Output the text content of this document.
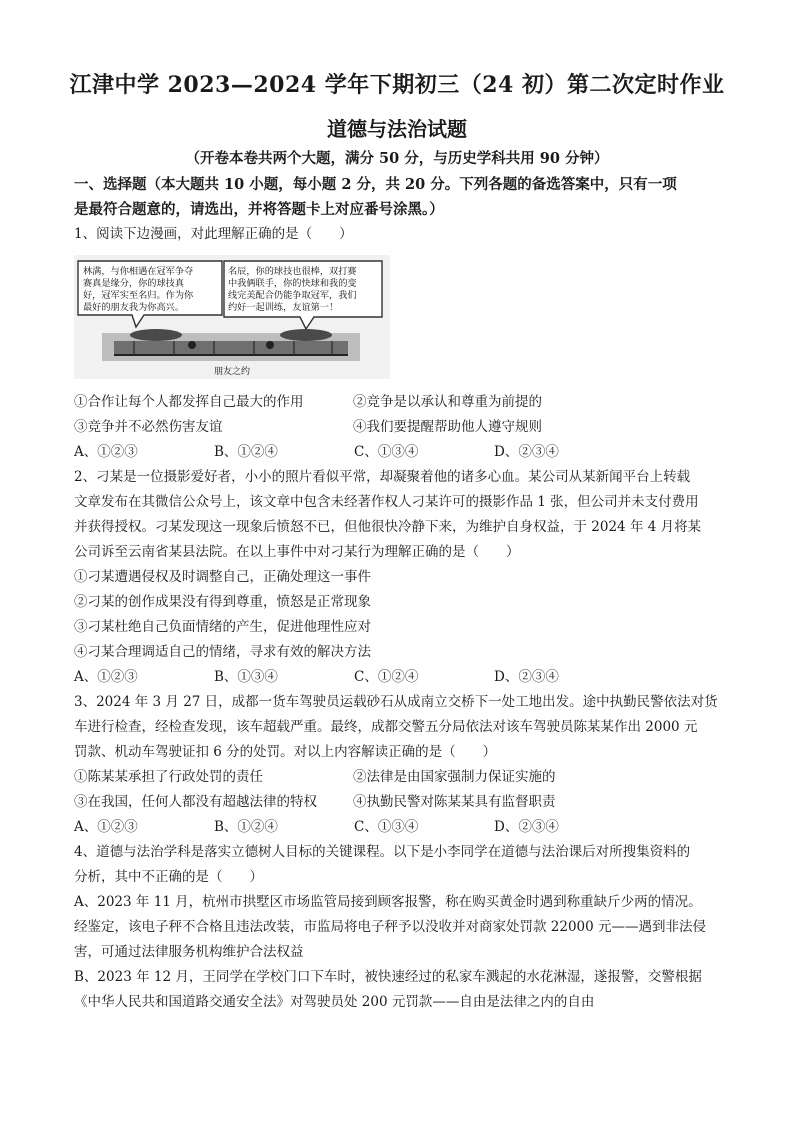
江津中学 2023—2024 学年下期初三（24 初）第二次定时作业
道德与法治试题
（开卷本卷共两个大题，满分 50 分，与历史学科共用 90 分钟）
一、选择题（本大题共 10 小题，每小题 2 分，共 20 分。下列各题的备选答案中，只有一项
是最符合题意的，请选出，并将答题卡上对应番号涂黑。）
1、阅读下边漫画，对此理解正确的是（　　）
林满，与你相遇在冠军争夺
赛真是缘分，你的球技真
好，冠军实至名归。作为你
最好的朋友我为你高兴。
名辰，你的球技也很棒，双打赛
中我俩联手，你的快球和我的变
线完美配合仍能争取冠军，我们
约好一起训练，友谊第一！
朋友之约
①合作让每个人都发挥自己最大的作用	②竞争是以承认和尊重为前提的
③竞争并不必然伤害友谊	④我们要提醒帮助他人遵守规则
A、①②③	B、①②④	C、①③④	D、②③④
2、刁某是一位摄影爱好者，小小的照片看似平常，却凝聚着他的诸多心血。某公司从某新闻平台上转载
文章发布在其微信公众号上，该文章中包含未经著作权人刁某许可的摄影作品 1 张，但公司并未支付费用
并获得授权。刁某发现这一现象后愤怒不已，但他很快冷静下来，为维护自身权益，于 2024 年 4 月将某
公司诉至云南省某县法院。在以上事件中对刁某行为理解正确的是（　　）
①刁某遭遇侵权及时调整自己，正确处理这一事件
②刁某的创作成果没有得到尊重，愤怒是正常现象
③刁某杜绝自己负面情绪的产生，促进他理性应对
④刁某合理调适自己的情绪，寻求有效的解决方法
A、①②③	B、①③④	C、①②④	D、②③④
3、2024 年 3 月 27 日，成都一货车驾驶员运载砂石从成南立交桥下一处工地出发。途中执勤民警依法对货
车进行检查，经检查发现，该车超载严重。最终，成都交警五分局依法对该车驾驶员陈某某作出 2000 元
罚款、机动车驾驶证扣 6 分的处罚。对以上内容解读正确的是（　　）
①陈某某承担了行政处罚的责任	②法律是由国家强制力保证实施的
③在我国，任何人都没有超越法律的特权	④执勤民警对陈某某具有监督职责
A、①②③	B、①②④	C、①③④	D、②③④
4、道德与法治学科是落实立德树人目标的关键课程。以下是小李同学在道德与法治课后对所搜集资料的
分析，其中不正确的是（　　）
A、2023 年 11 月，杭州市拱墅区市场监管局接到顾客报警，称在购买黄金时遇到称重缺斤少两的情况。
经鉴定，该电子秤不合格且违法改装，市监局将电子秤予以没收并对商家处罚款 22000 元——遇到非法侵
害，可通过法律服务机构维护合法权益
B、2023 年 12 月，王同学在学校门口下车时，被快速经过的私家车溅起的水花淋湿，遂报警，交警根据
《中华人民共和国道路交通安全法》对驾驶员处 200 元罚款——自由是法律之内的自由
